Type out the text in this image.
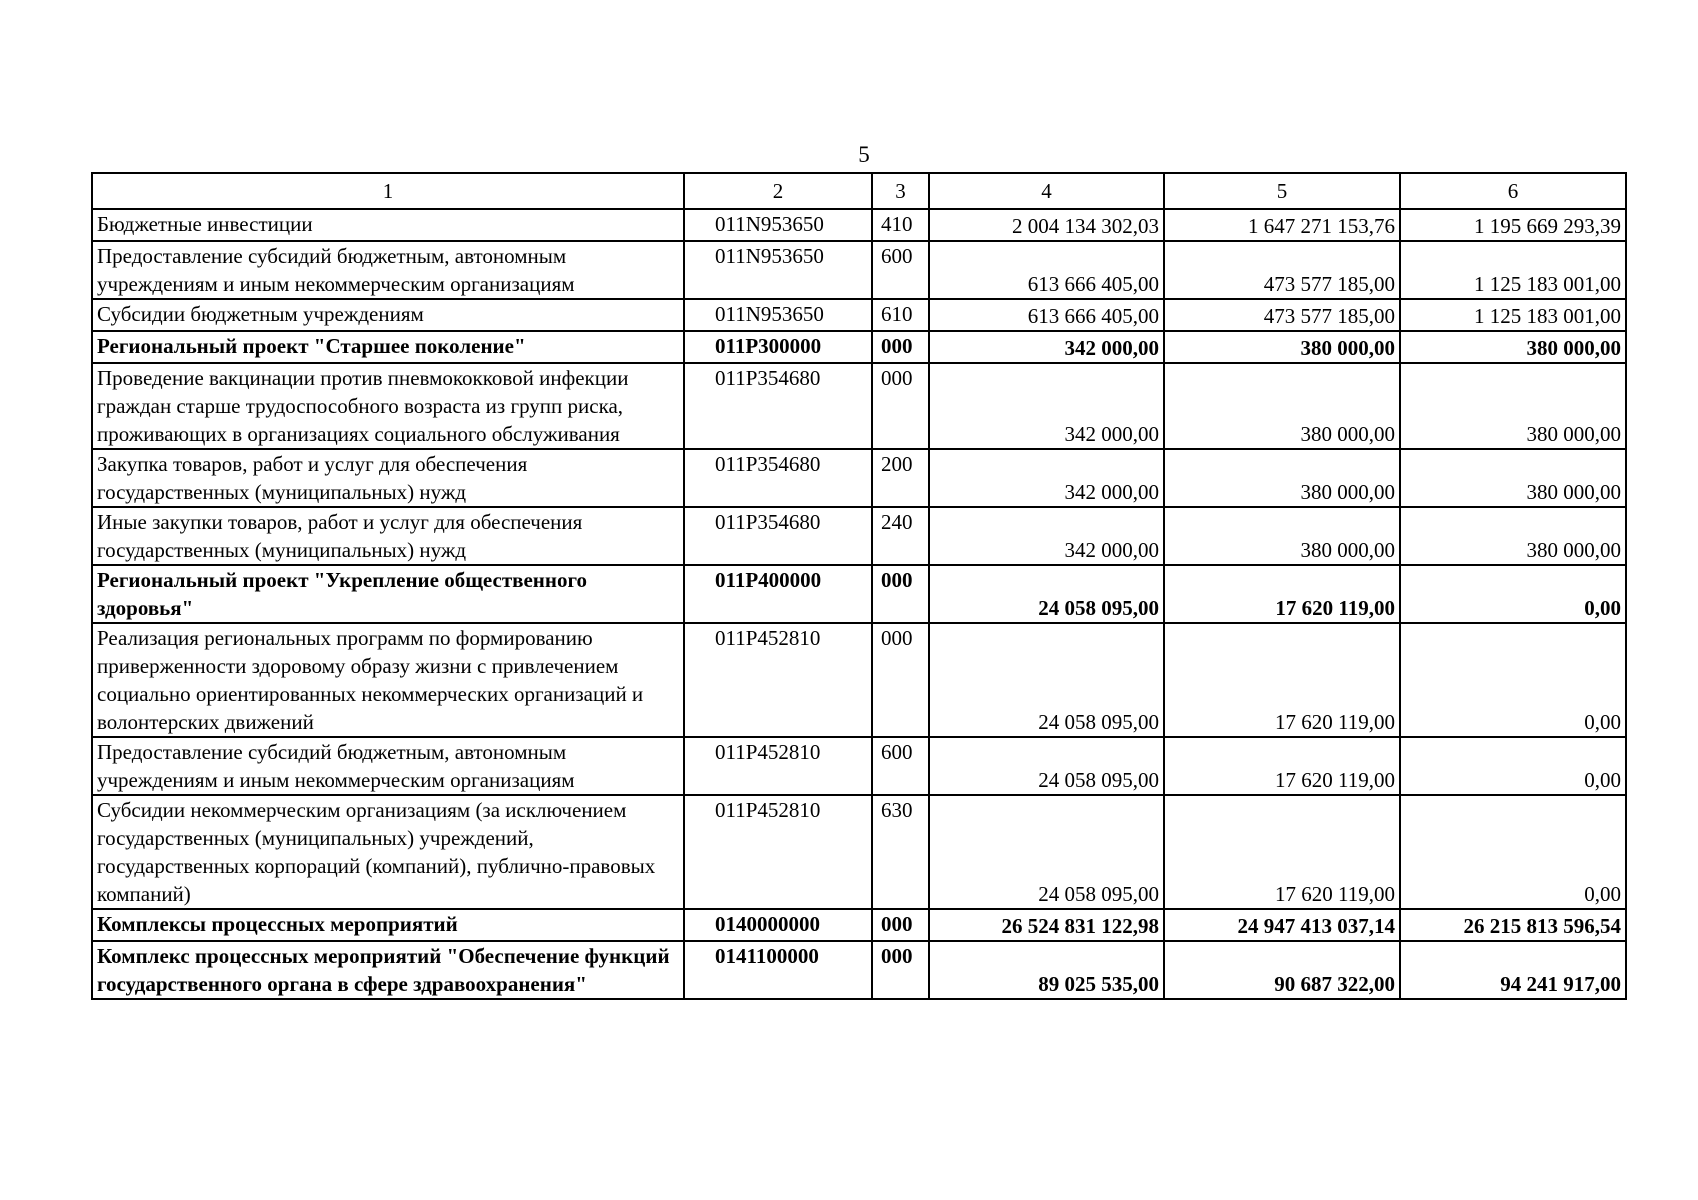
5
1	2	3	4	5	6
Бюджетные инвестиции	011N953650	410	2 004 134 302,03	1 647 271 153,76	1 195 669 293,39
Предоставление субсидий бюджетным, автономным учреждениям и иным некоммерческим организациям	011N953650	600	613 666 405,00	473 577 185,00	1 125 183 001,00
Субсидии бюджетным учреждениям	011N953650	610	613 666 405,00	473 577 185,00	1 125 183 001,00
Региональный проект "Старшее поколение"	011P300000	000	342 000,00	380 000,00	380 000,00
Проведение вакцинации против пневмококковой инфекции граждан старше трудоспособного возраста из групп риска, проживающих в организациях социального обслуживания	011P354680	000	342 000,00	380 000,00	380 000,00
Закупка товаров, работ и услуг для обеспечения государственных (муниципальных) нужд	011P354680	200	342 000,00	380 000,00	380 000,00
Иные закупки товаров, работ и услуг для обеспечения государственных (муниципальных) нужд	011P354680	240	342 000,00	380 000,00	380 000,00
Региональный проект "Укрепление общественного здоровья"	011P400000	000	24 058 095,00	17 620 119,00	0,00
Реализация региональных программ по формированию приверженности здоровому образу жизни с привлечением социально ориентированных некоммерческих организаций и волонтерских движений	011P452810	000	24 058 095,00	17 620 119,00	0,00
Предоставление субсидий бюджетным, автономным учреждениям и иным некоммерческим организациям	011P452810	600	24 058 095,00	17 620 119,00	0,00
Субсидии некоммерческим организациям (за исключением государственных (муниципальных) учреждений, государственных корпораций (компаний), публично-правовых компаний)	011P452810	630	24 058 095,00	17 620 119,00	0,00
Комплексы процессных мероприятий	0140000000	000	26 524 831 122,98	24 947 413 037,14	26 215 813 596,54
Комплекс процессных мероприятий "Обеспечение функций государственного органа в сфере здравоохранения"	0141100000	000	89 025 535,00	90 687 322,00	94 241 917,00
